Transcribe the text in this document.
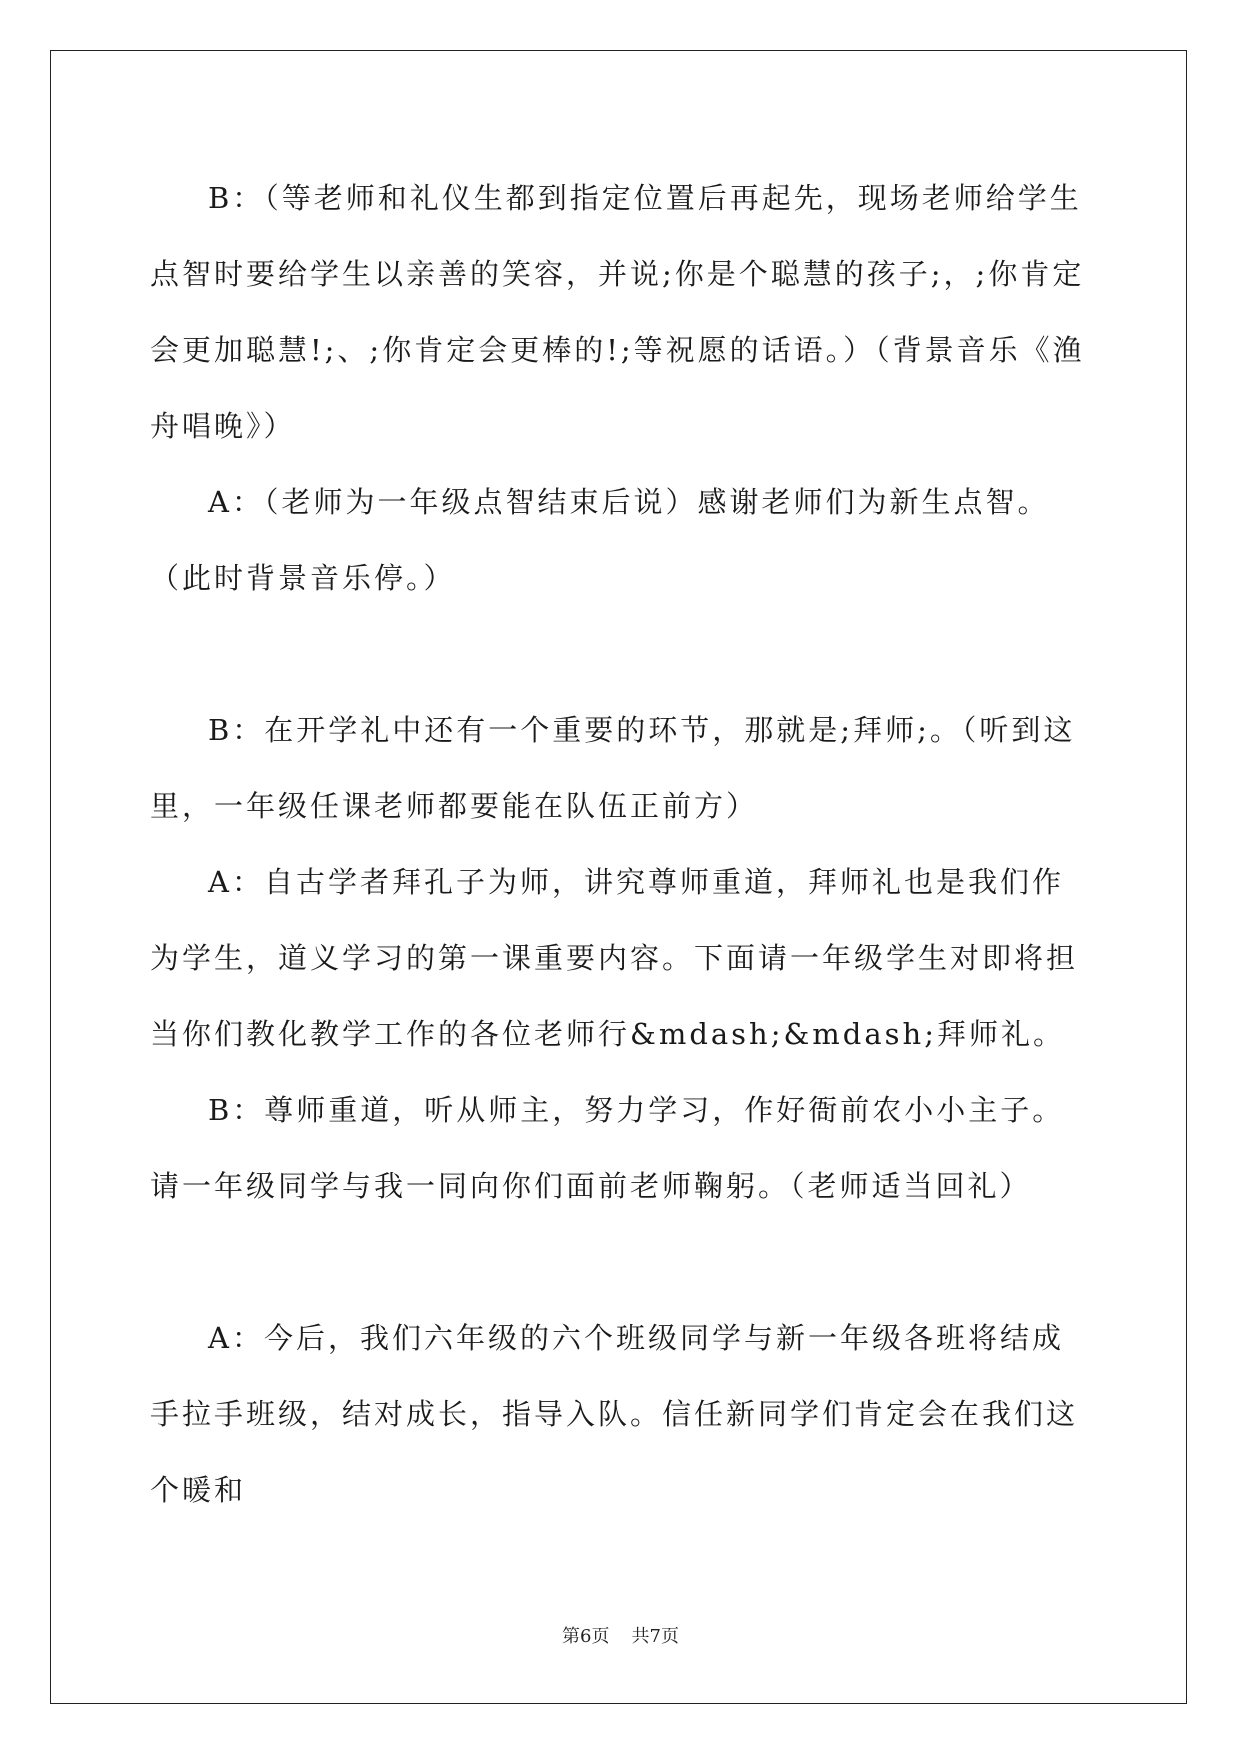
B：（等老师和礼仪生都到指定位置后再起先，现场老师给学生点智时要给学生以亲善的笑容，并说;你是个聪慧的孩子;，;你肯定会更加聪慧!;、;你肯定会更棒的!;等祝愿的话语。）（背景音乐《渔舟唱晚》）

A：（老师为一年级点智结束后说）感谢老师们为新生点智。（此时背景音乐停。）

B：在开学礼中还有一个重要的环节，那就是;拜师;。（听到这里，一年级任课老师都要能在队伍正前方）

A：自古学者拜孔子为师，讲究尊师重道，拜师礼也是我们作为学生，道义学习的第一课重要内容。下面请一年级学生对即将担当你们教化教学工作的各位老师行&mdash;&mdash;拜师礼。

B：尊师重道，听从师主，努力学习，作好衙前农小小主子。请一年级同学与我一同向你们面前老师鞠躬。（老师适当回礼）

A：今后，我们六年级的六个班级同学与新一年级各班将结成手拉手班级，结对成长，指导入队。信任新同学们肯定会在我们这个暖和

第6页 共7页
